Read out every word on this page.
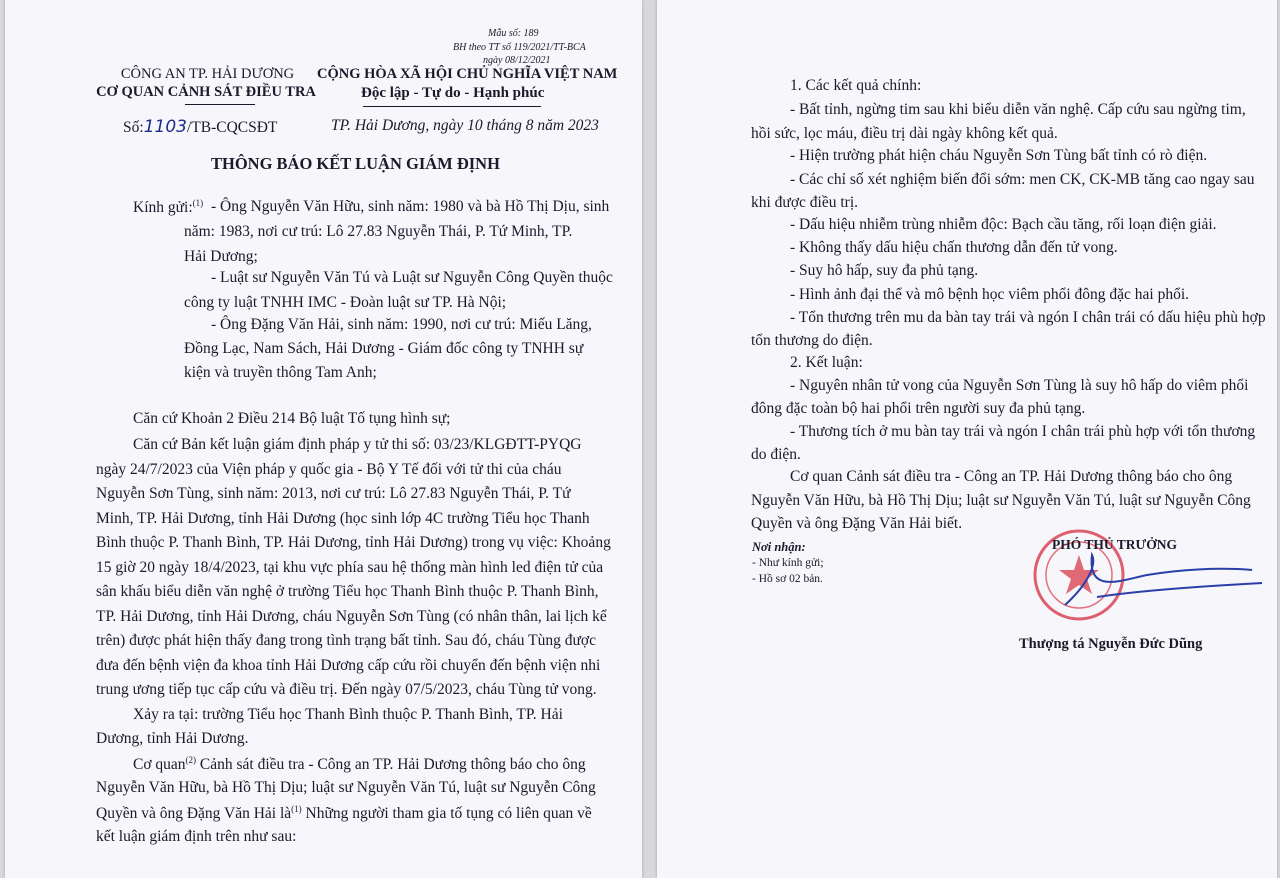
Mẫu số: 189
BH theo TT số 119/2021/TT-BCA
ngày 08/12/2021
CÔNG AN TP. HẢI DƯƠNG
CƠ QUAN CẢNH SÁT ĐIỀU TRA
CỘNG HÒA XÃ HỘI CHỦ NGHĨA VIỆT NAM
Độc lập - Tự do - Hạnh phúc
Số:1103/TB-CQCSĐT	TP. Hải Dương, ngày 10 tháng 8 năm 2023
THÔNG BÁO KẾT LUẬN GIÁM ĐỊNH
Kính gửi:$^{(1)}$ - Ông Nguyễn Văn Hữu, sinh năm: 1980 và bà Hồ Thị Dịu, sinh
năm: 1983, nơi cư trú: Lô 27.83 Nguyễn Thái, P. Tứ Minh, TP.
Hải Dương;
- Luật sư Nguyễn Văn Tú và Luật sư Nguyễn Công Quyền thuộc
công ty luật TNHH IMC - Đoàn luật sư TP. Hà Nội;
- Ông Đặng Văn Hải, sinh năm: 1990, nơi cư trú: Miếu Lăng,
Đồng Lạc, Nam Sách, Hải Dương - Giám đốc công ty TNHH sự
kiện và truyền thông Tam Anh;
Căn cứ Khoản 2 Điều 214 Bộ luật Tố tụng hình sự;
Căn cứ Bản kết luận giám định pháp y tử thi số: 03/23/KLGĐTT-PYQG
ngày 24/7/2023 của Viện pháp y quốc gia - Bộ Y Tế đối với tử thi của cháu
Nguyễn Sơn Tùng, sinh năm: 2013, nơi cư trú: Lô 27.83 Nguyễn Thái, P. Tứ
Minh, TP. Hải Dương, tỉnh Hải Dương (học sinh lớp 4C trường Tiểu học Thanh
Bình thuộc P. Thanh Bình, TP. Hải Dương, tỉnh Hải Dương) trong vụ việc: Khoảng
15 giờ 20 ngày 18/4/2023, tại khu vực phía sau hệ thống màn hình led điện tử của
sân khấu biểu diễn văn nghệ ở trường Tiểu học Thanh Bình thuộc P. Thanh Bình,
TP. Hải Dương, tỉnh Hải Dương, cháu Nguyễn Sơn Tùng (có nhân thân, lai lịch kể
trên) được phát hiện thấy đang trong tình trạng bất tỉnh. Sau đó, cháu Tùng được
đưa đến bệnh viện đa khoa tỉnh Hải Dương cấp cứu rồi chuyển đến bệnh viện nhi
trung ương tiếp tục cấp cứu và điều trị. Đến ngày 07/5/2023, cháu Tùng tử vong.
Xảy ra tại: trường Tiểu học Thanh Bình thuộc P. Thanh Bình, TP. Hải
Dương, tỉnh Hải Dương.
Cơ quan$^{(2)}$ Cảnh sát điều tra - Công an TP. Hải Dương thông báo cho ông
Nguyễn Văn Hữu, bà Hồ Thị Dịu; luật sư Nguyễn Văn Tú, luật sư Nguyễn Công
Quyền và ông Đặng Văn Hải $là^{(1)}$ Những người tham gia tố tụng có liên quan về
kết luận giám định trên như sau:
1. Các kết quả chính:
- Bất tỉnh, ngừng tim sau khi biểu diễn văn nghệ. Cấp cứu sau ngừng tim,
hồi sức, lọc máu, điều trị dài ngày không kết quả.
- Hiện trường phát hiện cháu Nguyễn Sơn Tùng bất tỉnh có rò điện.
- Các chỉ số xét nghiệm biến đổi sớm: men CK, CK-MB tăng cao ngay sau
khi được điều trị.
- Dấu hiệu nhiễm trùng nhiễm độc: Bạch cầu tăng, rối loạn điện giải.
- Không thấy dấu hiệu chấn thương dẫn đến tử vong.
- Suy hô hấp, suy đa phủ tạng.
- Hình ảnh đại thể và mô bệnh học viêm phổi đông đặc hai phổi.
- Tổn thương trên mu da bàn tay trái và ngón I chân trái có dấu hiệu phù hợp
tổn thương do điện.
2. Kết luận:
- Nguyên nhân tử vong của Nguyễn Sơn Tùng là suy hô hấp do viêm phổi
đông đặc toàn bộ hai phổi trên người suy đa phủ tạng.
- Thương tích ở mu bàn tay trái và ngón I chân trái phù hợp với tổn thương
do điện.
Cơ quan Cảnh sát điều tra - Công an TP. Hải Dương thông báo cho ông
Nguyễn Văn Hữu, bà Hồ Thị Dịu; luật sư Nguyễn Văn Tú, luật sư Nguyễn Công
Quyền và ông Đặng Văn Hải biết.
Nơi nhận:
- Như kính gửi;
- Hồ sơ 02 bản.
PHÓ THỦ TRƯỞNG
Thượng tá Nguyễn Đức Dũng
